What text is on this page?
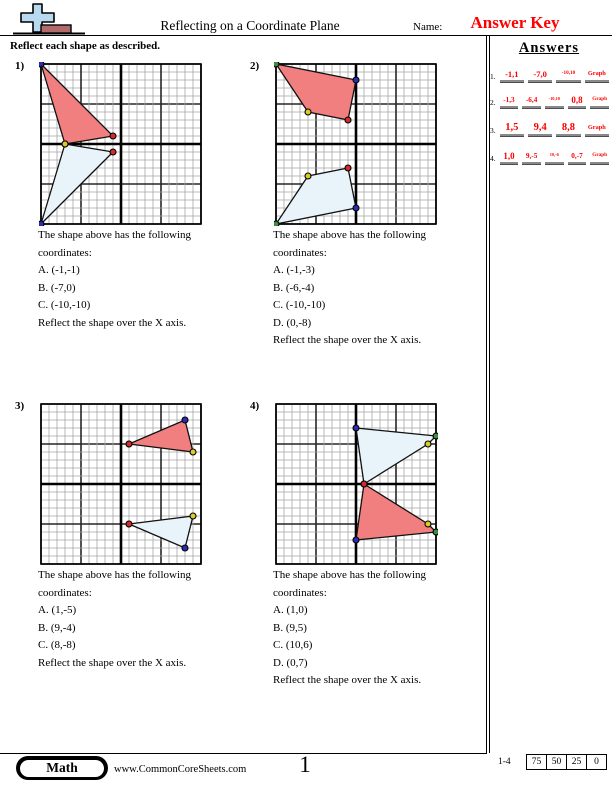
Reflecting on a Coordinate Plane	Name:	Answer Key
Reflect each shape as described.	Answers
1.	-1,1	-7,0	-10,10	Graph
2.	-1,3	-6,4	-10,10	0,8	Graph
3. 1,5	9,4	8,8	Graph
4. 1,0	9,-5	10,-6	0,-7	Graph
1)
The shape above has the following coordinates:
A. (-1,-1)
B. (-7,0)
C. (-10,-10)
Reflect the shape over the X axis.
2)
The shape above has the following coordinates:
A. (-1,-3)
B. (-6,-4)
C. (-10,-10)
D. (0,-8)
Reflect the shape over the X axis.
3)
The shape above has the following coordinates:
A. (1,-5)
B. (9,-4)
C. (8,-8)
Reflect the shape over the X axis.
4)
The shape above has the following coordinates:
A. (1,0)
B. (9,5)
C. (10,6)
D. (0,7)
Reflect the shape over the X axis.
Math	www.CommonCoreSheets.com	1	1-4	75	50	25	0
